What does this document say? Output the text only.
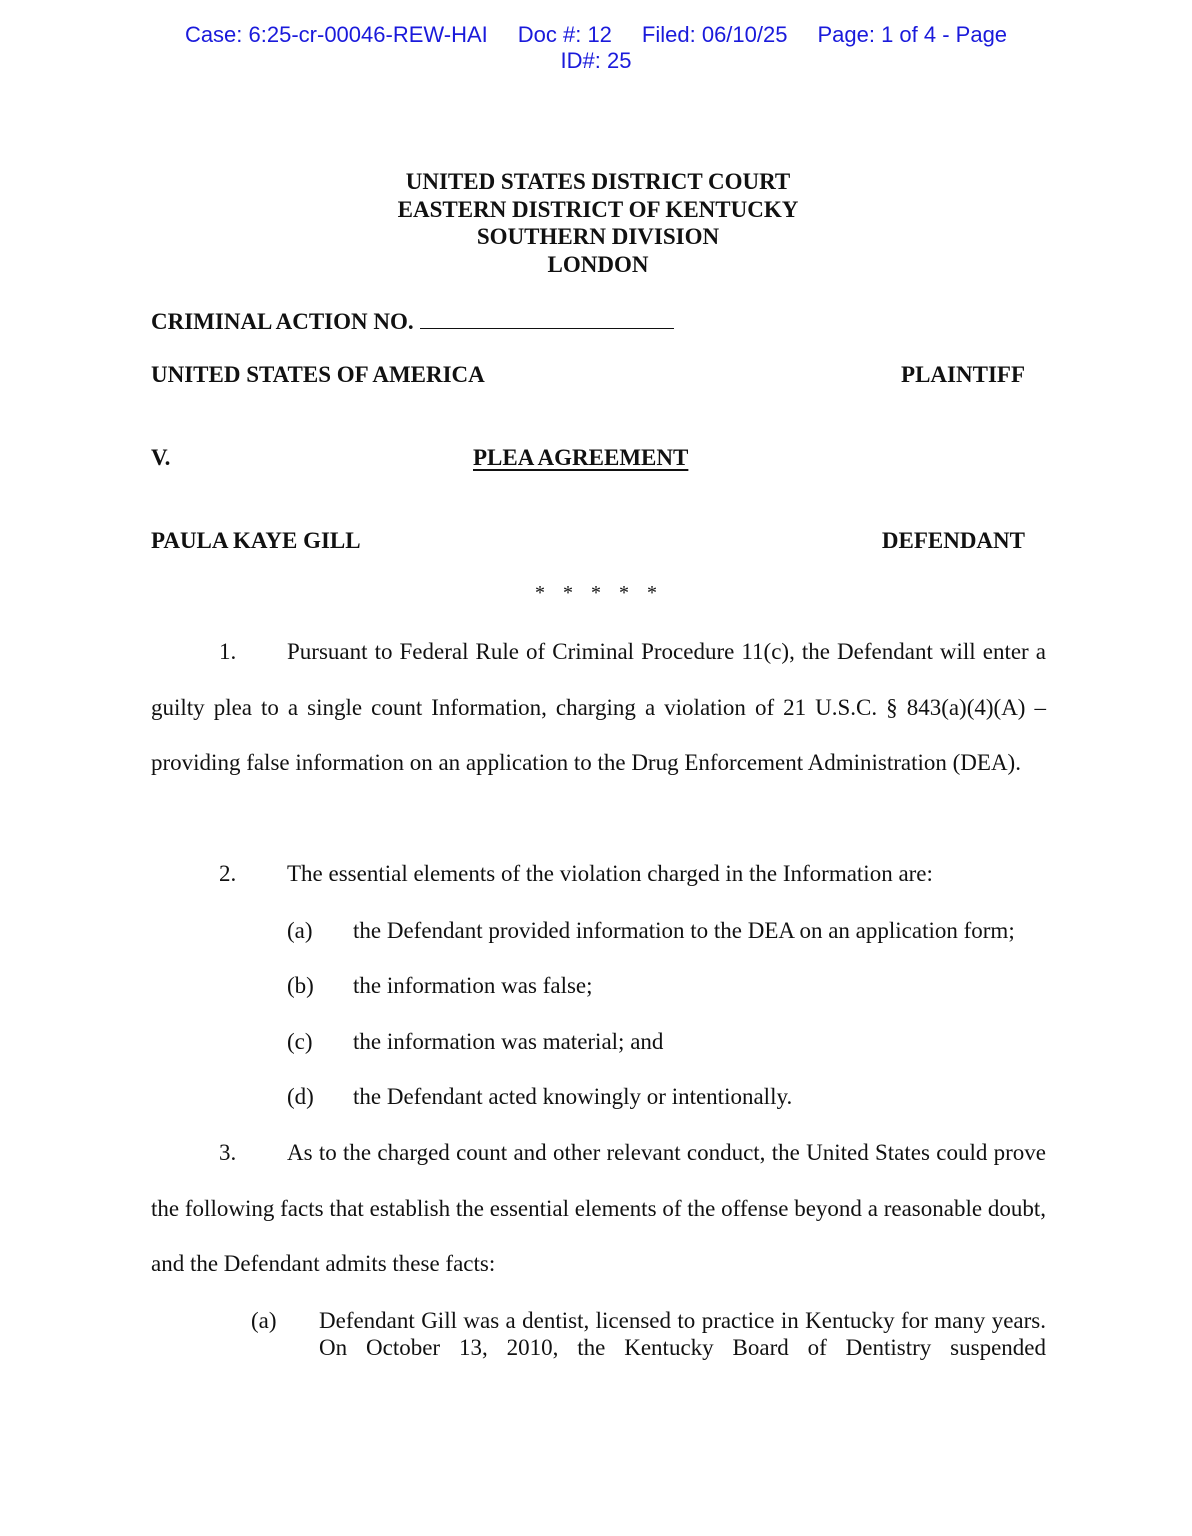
Case: 6:25-cr-00046-REW-HAI Doc #: 12 Filed: 06/10/25 Page: 1 of 4 - Page
ID#: 25
UNITED STATES DISTRICT COURT
EASTERN DISTRICT OF KENTUCKY
SOUTHERN DIVISION
LONDON
CRIMINAL ACTION NO.
UNITED STATES OF AMERICA	PLAINTIFF
V.	PLEA AGREEMENT
PAULA KAYE GILL	DEFENDANT
* * * * *
1. Pursuant to Federal Rule of Criminal Procedure 11(c), the Defendant will enter a guilty plea to a single count Information, charging a violation of 21 U.S.C. § 843(a)(4)(A) – providing false information on an application to the Drug Enforcement Administration (DEA).
2. The essential elements of the violation charged in the Information are:
(a) the Defendant provided information to the DEA on an application form;
(b) the information was false;
(c) the information was material; and
(d) the Defendant acted knowingly or intentionally.
3. As to the charged count and other relevant conduct, the United States could prove the following facts that establish the essential elements of the offense beyond a reasonable doubt, and the Defendant admits these facts:
(a) Defendant Gill was a dentist, licensed to practice in Kentucky for many years. On October 13, 2010, the Kentucky Board of Dentistry suspended
